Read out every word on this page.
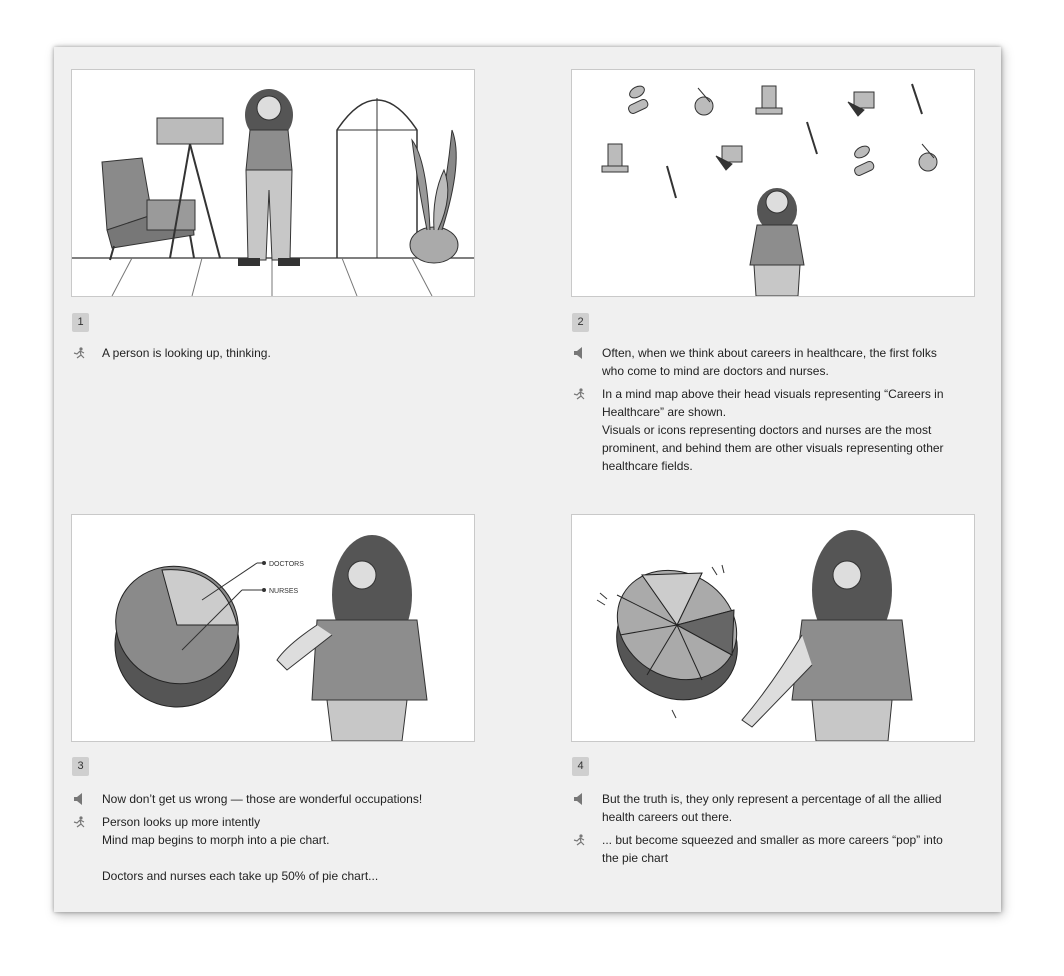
1
A person is looking up, thinking.
2
Often, when we think about careers in healthcare, the first folks who come to mind are doctors and nurses.
In a mind map above their head visuals representing “Careers in Healthcare” are shown.
Visuals or icons representing doctors and nurses are the most prominent, and behind them are other visuals representing other healthcare fields.
DOCTORS
NURSES
3
Now don’t get us wrong — those are wonderful occupations!
Person looks up more intently
Mind map begins to morph into a pie chart.
Doctors and nurses each take up 50% of pie chart...
4
But the truth is, they only represent a percentage of all the allied health careers out there.
... but become squeezed and smaller as more careers “pop” into the pie chart
